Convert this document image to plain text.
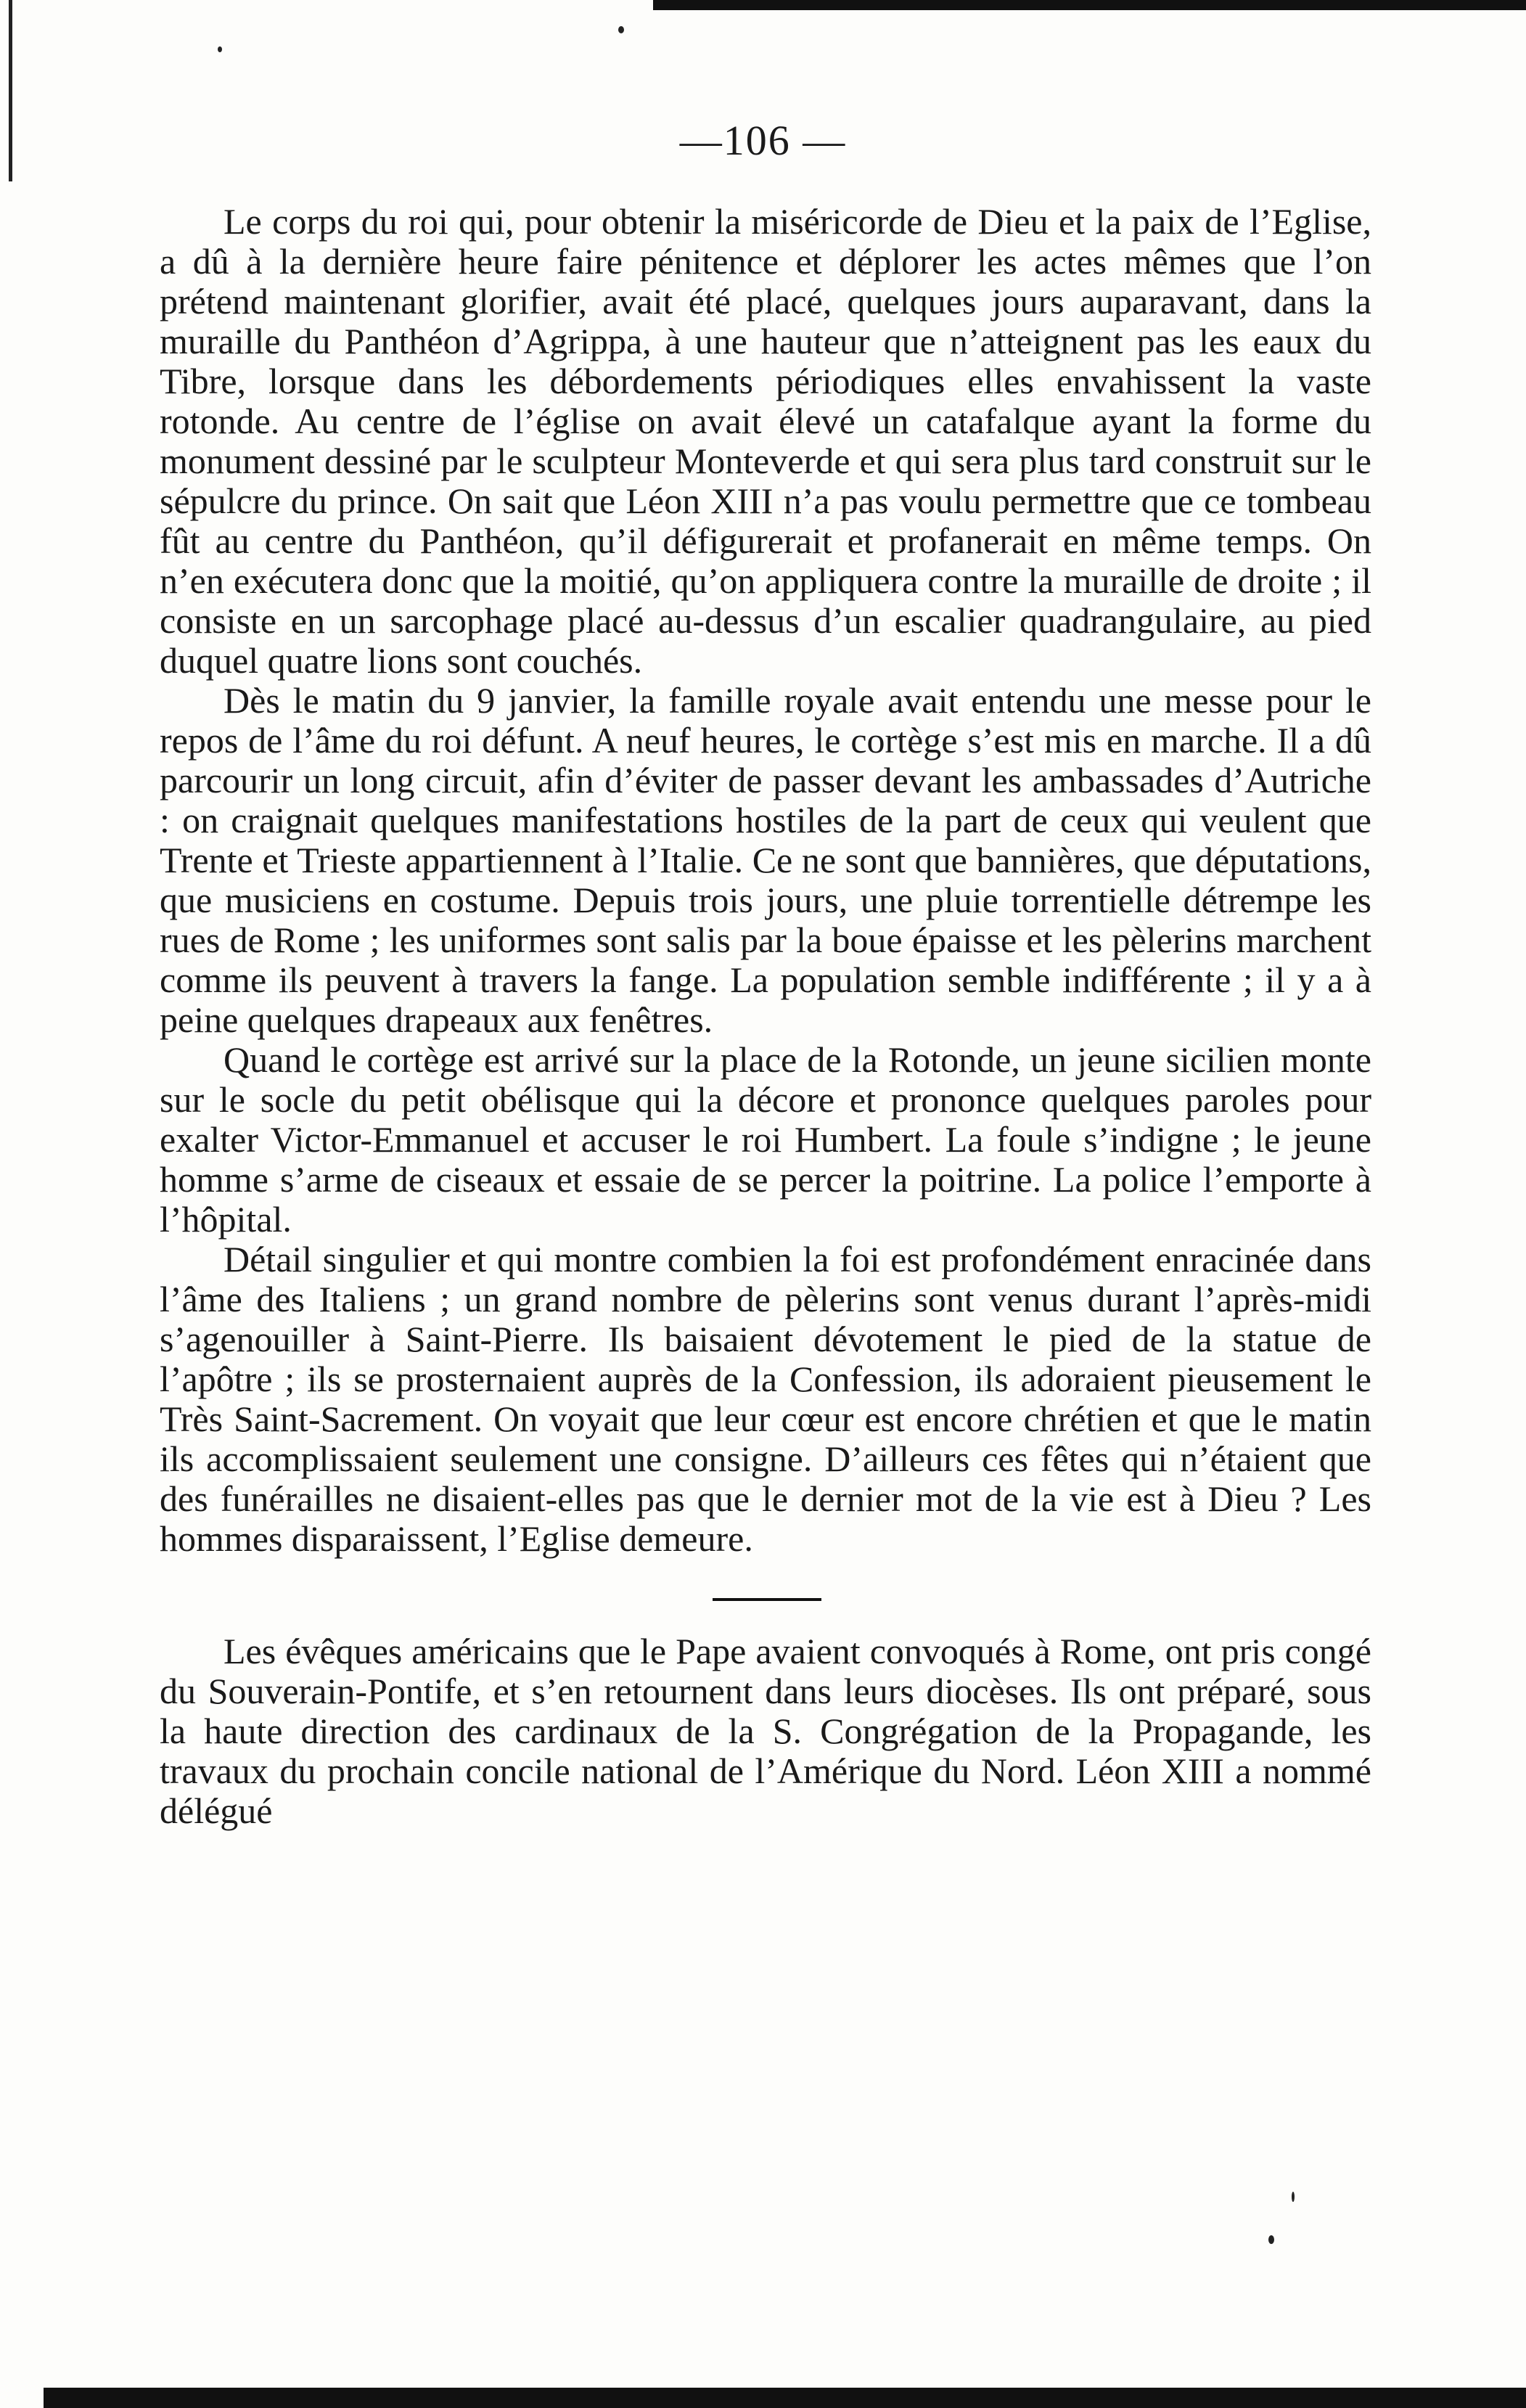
—106 —

Le corps du roi qui, pour obtenir la miséricorde de Dieu et la paix de l’Eglise, a dû à la dernière heure faire pénitence et déplorer les actes mêmes que l’on prétend maintenant glorifier, avait été placé, quelques jours auparavant, dans la muraille du Panthéon d’Agrippa, à une hauteur que n’atteignent pas les eaux du Tibre, lorsque dans les débordements périodiques elles envahissent la vaste rotonde. Au centre de l’église on avait élevé un catafalque ayant la forme du monument dessiné par le sculpteur Monteverde et qui sera plus tard construit sur le sépulcre du prince. On sait que Léon XIII n’a pas voulu permettre que ce tombeau fût au centre du Panthéon, qu’il défigurerait et profanerait en même temps. On n’en exécutera donc que la moitié, qu’on appliquera contre la muraille de droite ; il consiste en un sarcophage placé au-dessus d’un escalier quadrangulaire, au pied duquel quatre lions sont couchés.

Dès le matin du 9 janvier, la famille royale avait entendu une messe pour le repos de l’âme du roi défunt. A neuf heures, le cortège s’est mis en marche. Il a dû parcourir un long circuit, afin d’éviter de passer devant les ambassades d’Autriche : on craignait quelques manifestations hostiles de la part de ceux qui veulent que Trente et Trieste appartiennent à l’Italie. Ce ne sont que bannières, que députations, que musiciens en costume. Depuis trois jours, une pluie torrentielle détrempe les rues de Rome ; les uniformes sont salis par la boue épaisse et les pèlerins marchent comme ils peuvent à travers la fange. La population semble indifférente ; il y a à peine quelques drapeaux aux fenêtres.

Quand le cortège est arrivé sur la place de la Rotonde, un jeune sicilien monte sur le socle du petit obélisque qui la décore et prononce quelques paroles pour exalter Victor-Emmanuel et accuser le roi Humbert. La foule s’indigne ; le jeune homme s’arme de ciseaux et essaie de se percer la poitrine. La police l’emporte à l’hôpital.

Détail singulier et qui montre combien la foi est profondément enracinée dans l’âme des Italiens ; un grand nombre de pèlerins sont venus durant l’après-midi s’agenouiller à Saint-Pierre. Ils baisaient dévotement le pied de la statue de l’apôtre ; ils se prosternaient auprès de la Confession, ils adoraient pieusement le Très Saint-Sacrement. On voyait que leur cœur est encore chrétien et que le matin ils accomplissaient seulement une consigne. D’ailleurs ces fêtes qui n’étaient que des funérailles ne disaient-elles pas que le dernier mot de la vie est à Dieu ? Les hommes disparaissent, l’Eglise demeure.

Les évêques américains que le Pape avaient convoqués à Rome, ont pris congé du Souverain-Pontife, et s’en retournent dans leurs diocèses. Ils ont préparé, sous la haute direction des cardinaux de la S. Congrégation de la Propagande, les travaux du prochain concile national de l’Amérique du Nord. Léon XIII a nommé délégué
